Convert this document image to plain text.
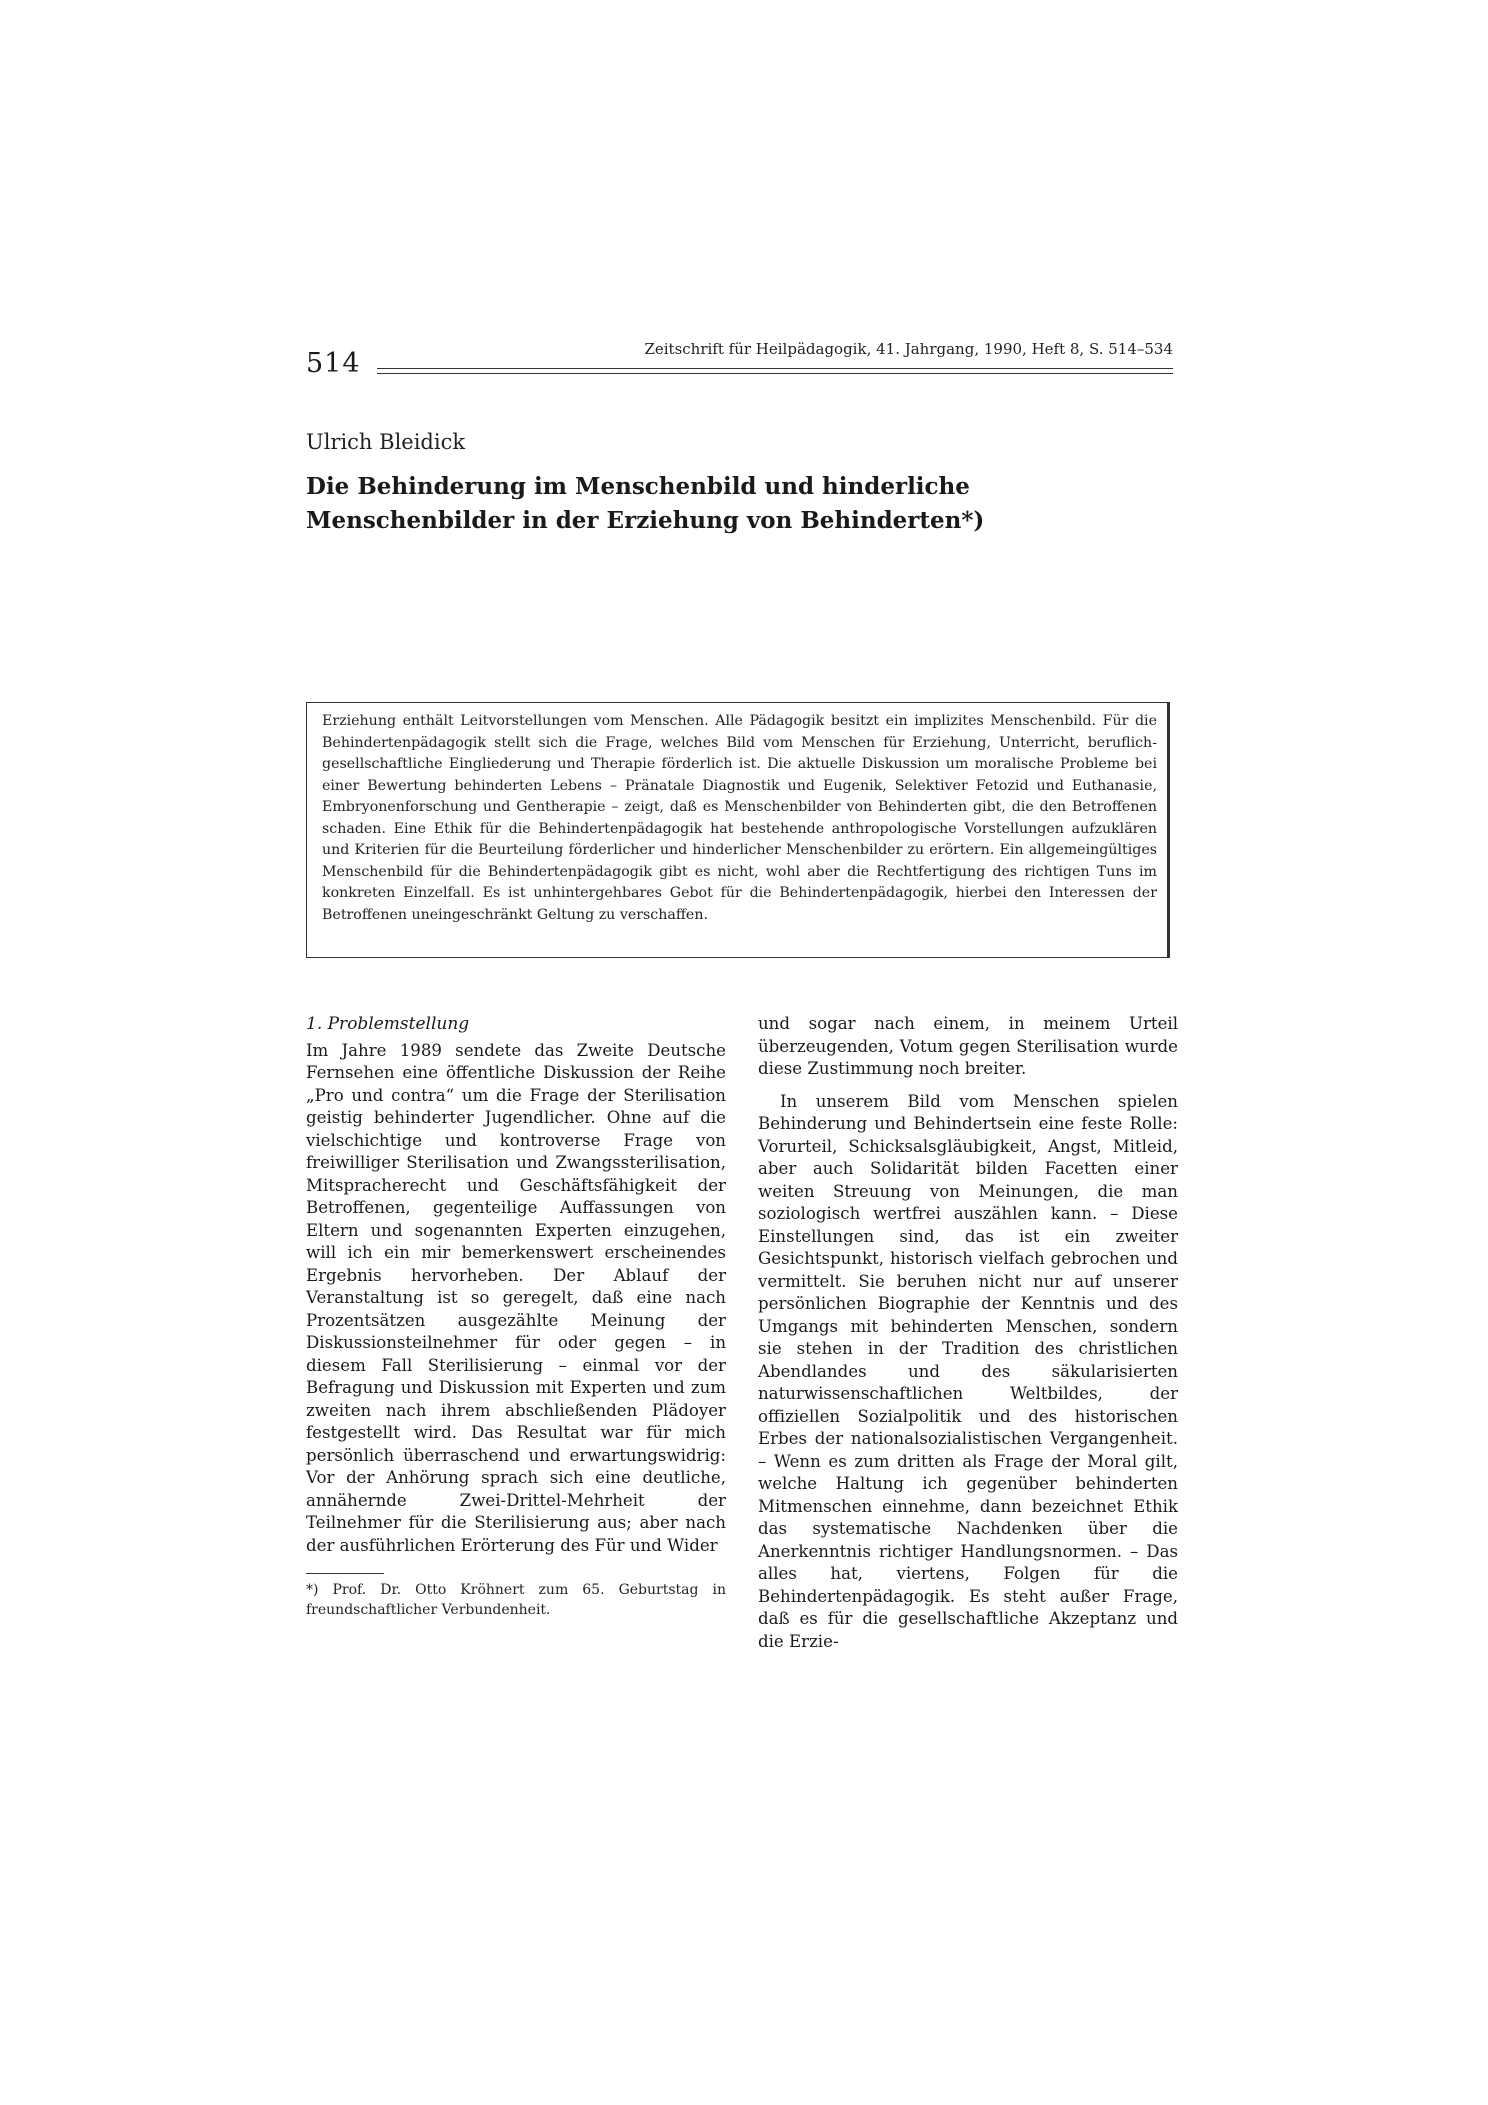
514	Zeitschrift für Heilpädagogik, 41. Jahrgang, 1990, Heft 8, S. 514–534
Ulrich Bleidick
Die Behinderung im Menschenbild und hinderliche Menschenbilder in der Erziehung von Behinderten*)

Erziehung enthält Leitvorstellungen vom Menschen. Alle Pädagogik besitzt ein implizites Menschenbild. Für die Behindertenpädagogik stellt sich die Frage, welches Bild vom Menschen für Erziehung, Unterricht, beruflich-gesellschaftliche Eingliederung und Therapie förderlich ist. Die aktuelle Diskussion um moralische Probleme bei einer Bewertung behinderten Lebens – Pränatale Diagnostik und Eugenik, Selektiver Fetozid und Euthanasie, Embryonenforschung und Gentherapie – zeigt, daß es Menschenbilder von Behinderten gibt, die den Betroffenen schaden. Eine Ethik für die Behindertenpädagogik hat bestehende anthropologische Vorstellungen aufzuklären und Kriterien für die Beurteilung förderlicher und hinderlicher Menschenbilder zu erörtern. Ein allgemeingültiges Menschenbild für die Behindertenpädagogik gibt es nicht, wohl aber die Rechtfertigung des richtigen Tuns im konkreten Einzelfall. Es ist unhintergehbares Gebot für die Behindertenpädagogik, hierbei den Interessen der Betroffenen uneingeschränkt Geltung zu verschaffen.

1. Problemstellung

Im Jahre 1989 sendete das Zweite Deutsche Fernsehen eine öffentliche Diskussion der Reihe „Pro und contra“ um die Frage der Sterilisation geistig behinderter Jugendlicher. Ohne auf die vielschichtige und kontroverse Frage von freiwilliger Sterilisation und Zwangssterilisation, Mitspracherecht und Geschäftsfähigkeit der Betroffenen, gegenteilige Auffassungen von Eltern und sogenannten Experten einzugehen, will ich ein mir bemerkenswert erscheinendes Ergebnis hervorheben. Der Ablauf der Veranstaltung ist so geregelt, daß eine nach Prozentsätzen ausgezählte Meinung der Diskussionsteilnehmer für oder gegen – in diesem Fall Sterilisierung – einmal vor der Befragung und Diskussion mit Experten und zum zweiten nach ihrem abschließenden Plädoyer festgestellt wird. Das Resultat war für mich persönlich überraschend und erwartungswidrig: Vor der Anhörung sprach sich eine deutliche, annähernde Zwei-Drittel-Mehrheit der Teilnehmer für die Sterilisierung aus; aber nach der ausführlichen Erörterung des Für und Wider

*) Prof. Dr. Otto Kröhnert zum 65. Geburtstag in freundschaftlicher Verbundenheit.

und sogar nach einem, in meinem Urteil überzeugenden, Votum gegen Sterilisation wurde diese Zustimmung noch breiter.

In unserem Bild vom Menschen spielen Behinderung und Behindertsein eine feste Rolle: Vorurteil, Schicksalsgläubigkeit, Angst, Mitleid, aber auch Solidarität bilden Facetten einer weiten Streuung von Meinungen, die man soziologisch wertfrei auszählen kann. – Diese Einstellungen sind, das ist ein zweiter Gesichtspunkt, historisch vielfach gebrochen und vermittelt. Sie beruhen nicht nur auf unserer persönlichen Biographie der Kenntnis und des Umgangs mit behinderten Menschen, sondern sie stehen in der Tradition des christlichen Abendlandes und des säkularisierten naturwissenschaftlichen Weltbildes, der offiziellen Sozialpolitik und des historischen Erbes der nationalsozialistischen Vergangenheit. – Wenn es zum dritten als Frage der Moral gilt, welche Haltung ich gegenüber behinderten Mitmenschen einnehme, dann bezeichnet Ethik das systematische Nachdenken über die Anerkenntnis richtiger Handlungsnormen. – Das alles hat, viertens, Folgen für die Behindertenpädagogik. Es steht außer Frage, daß es für die gesellschaftliche Akzeptanz und die Erzie-
